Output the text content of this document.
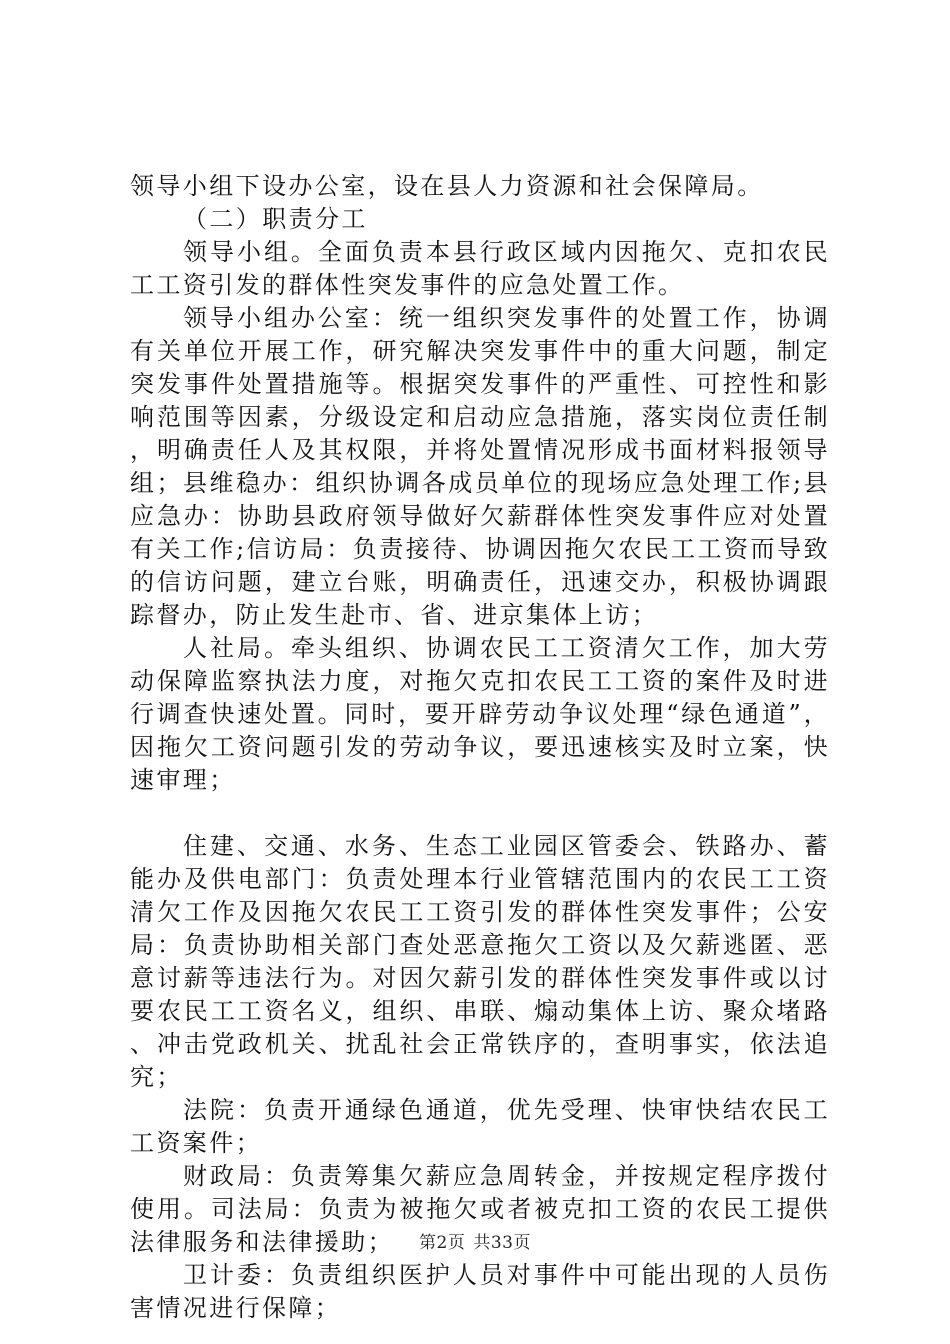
领导小组下设办公室，设在县人力资源和社会保障局。

（二）职责分工

领导小组。全面负责本县行政区域内因拖欠、克扣农民工工资引发的群体性突发事件的应急处置工作。

领导小组办公室：统一组织突发事件的处置工作，协调有关单位开展工作，研究解决突发事件中的重大问题，制定突发事件处置措施等。根据突发事件的严重性、可控性和影响范围等因素，分级设定和启动应急措施，落实岗位责任制，明确责任人及其权限，并将处置情况形成书面材料报领导组；县维稳办：组织协调各成员单位的现场应急处理工作;县应急办：协助县政府领导做好欠薪群体性突发事件应对处置有关工作;信访局：负责接待、协调因拖欠农民工工资而导致的信访问题，建立台账，明确责任，迅速交办，积极协调跟踪督办，防止发生赴市、省、进京集体上访；

人社局。牵头组织、协调农民工工资清欠工作，加大劳动保障监察执法力度，对拖欠克扣农民工工资的案件及时进行调查快速处置。同时，要开辟劳动争议处理“绿色通道”，因拖欠工资问题引发的劳动争议，要迅速核实及时立案，快速审理；

住建、交通、水务、生态工业园区管委会、铁路办、蓄能办及供电部门：负责处理本行业管辖范围内的农民工工资清欠工作及因拖欠农民工工资引发的群体性突发事件；公安局：负责协助相关部门查处恶意拖欠工资以及欠薪逃匿、恶意讨薪等违法行为。对因欠薪引发的群体性突发事件或以讨要农民工工资名义，组织、串联、煽动集体上访、聚众堵路、冲击党政机关、扰乱社会正常铁序的，查明事实，依法追究；

法院：负责开通绿色通道，优先受理、快审快结农民工工资案件；

财政局：负责筹集欠薪应急周转金，并按规定程序拨付使用。司法局：负责为被拖欠或者被克扣工资的农民工提供法律服务和法律援助；

卫计委：负责组织医护人员对事件中可能出现的人员伤害情况进行保障；

第2页 共33页
